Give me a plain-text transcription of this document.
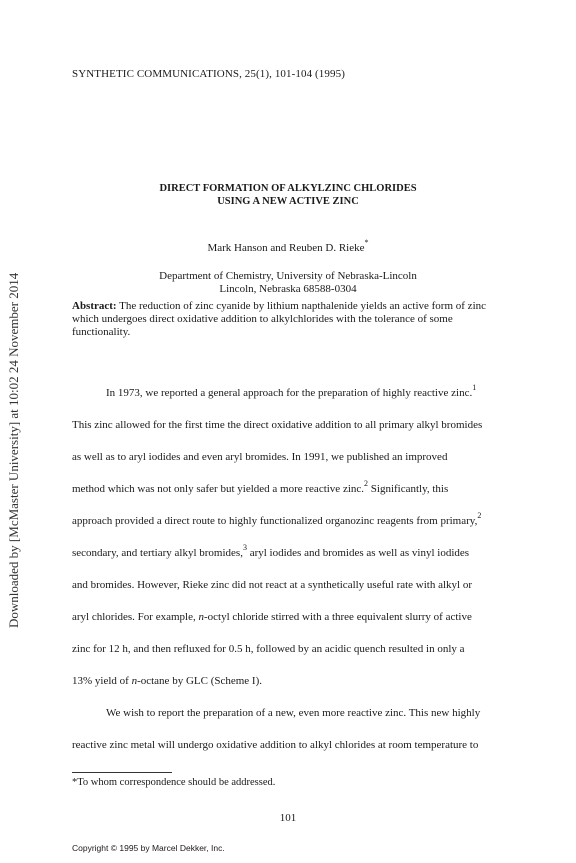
Downloaded by [McMaster University] at 10:02 24 November 2014
SYNTHETIC COMMUNICATIONS, 25(1), 101-104 (1995)
DIRECT FORMATION OF ALKYLZINC CHLORIDES
USING A NEW ACTIVE ZINC
Mark Hanson and Reuben D. Rieke*
Department of Chemistry, University of Nebraska-Lincoln
Lincoln, Nebraska 68588-0304
Abstract: The reduction of zinc cyanide by lithium napthalenide yields an active form of zinc which undergoes direct oxidative addition to alkylchlorides with the tolerance of some functionality.
In 1973, we reported a general approach for the preparation of highly reactive zinc.$^1$
This zinc allowed for the first time the direct oxidative addition to all primary alkyl bromides
as well as to aryl iodides and even aryl bromides. In 1991, we published an improved
method which was not only safer but yielded a more reactive zinc.$^2$ Significantly, this
approach provided a direct route to highly functionalized organozinc reagents from primary,$^2$
secondary, and tertiary alkyl bromides,$^3$ aryl iodides and bromides as well as vinyl iodides
and bromides. However, Rieke zinc did not react at a synthetically useful rate with alkyl or
aryl chlorides. For example, n-octyl chloride stirred with a three equivalent slurry of active
zinc for 12 h, and then refluxed for 0.5 h, followed by an acidic quench resulted in only a
13% yield of n-octane by GLC (Scheme I).
We wish to report the preparation of a new, even more reactive zinc. This new highly
reactive zinc metal will undergo oxidative addition to alkyl chlorides at room temperature to
*To whom correspondence should be addressed.
101
Copyright © 1995 by Marcel Dekker, Inc.
